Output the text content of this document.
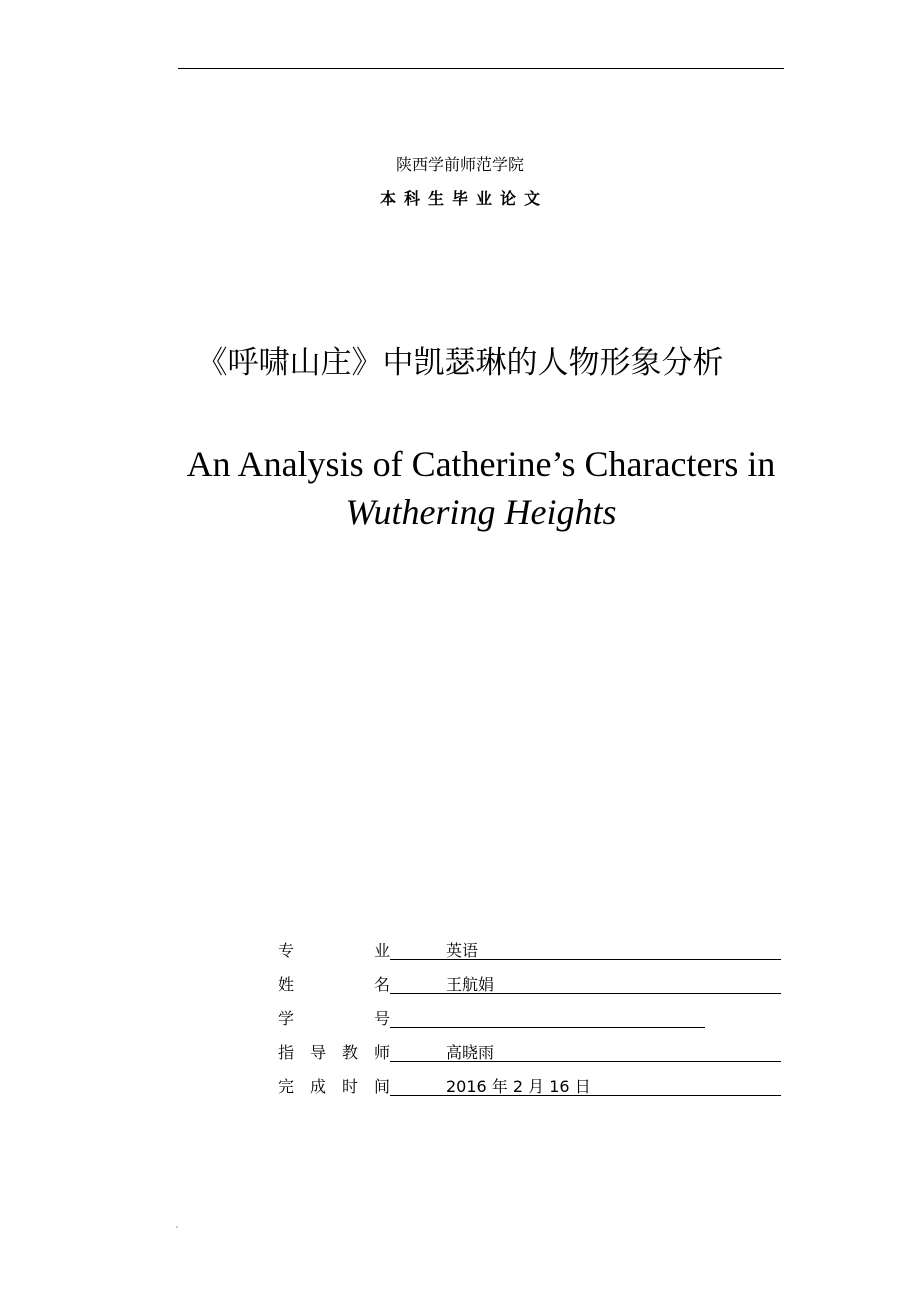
陕西学前师范学院
本科生毕业论文
《呼啸山庄》中凯瑟琳的人物形象分析
An Analysis of Catherine’s Characters in
Wuthering Heights
专	业	英语
姓	名	王航娟
学	号
指 导 教 师	高晓雨
完 成 时 间	2016 年 2 月 16 日
